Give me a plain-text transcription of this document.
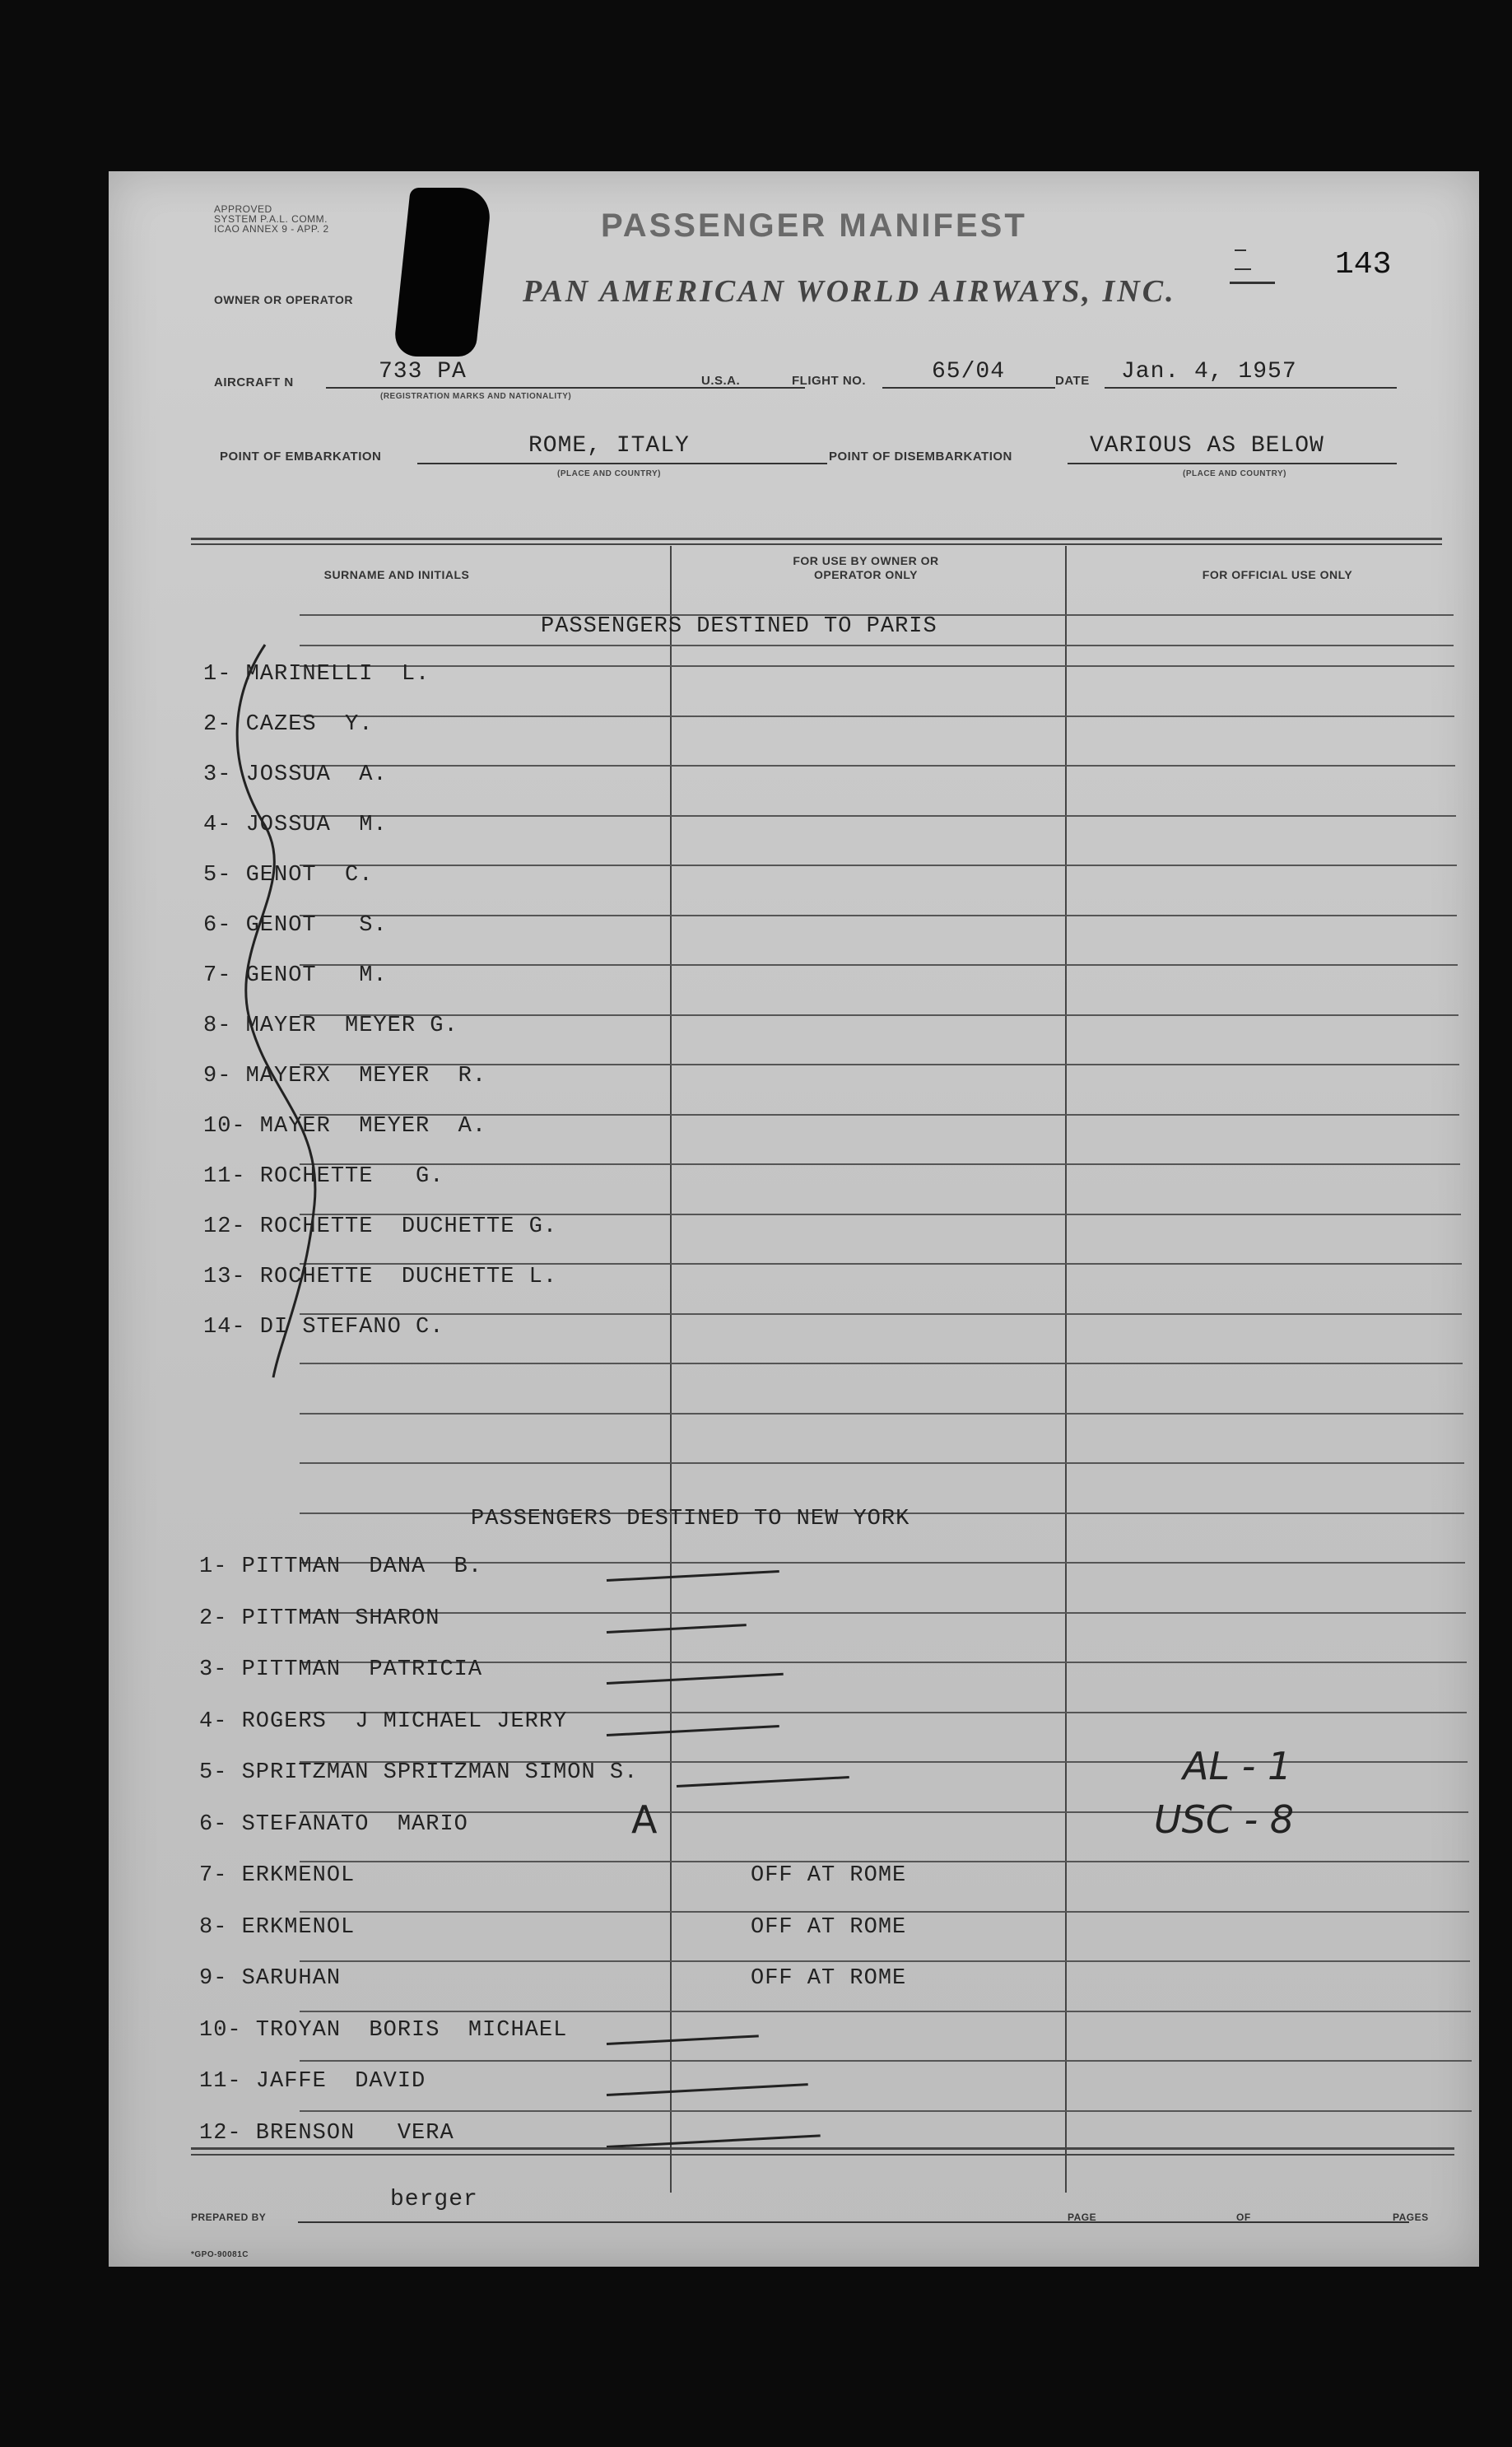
APPROVED
SYSTEM P.A.L. COMM.
ICAO ANNEX 9 - APP. 2
OWNER OR OPERATOR
PASSENGER MANIFEST
PAN AMERICAN WORLD AIRWAYS, INC.
143
AIRCRAFT N	733 PA
(REGISTRATION MARKS AND NATIONALITY)
U.S.A.	FLIGHT NO.	65/04	DATE Jan. 4, 1957
POINT OF EMBARKATION	ROME, ITALY
(PLACE AND COUNTRY)
POINT OF DISEMBARKATION	VARIOUS AS BELOW
(PLACE AND COUNTRY)
SURNAME AND INITIALS
FOR USE BY OWNER OR OPERATOR ONLY	FOR OFFICIAL USE ONLY
PASSENGERS DESTINED TO PARIS
1- MARINELLI  L.
2- CAZES  Y.
3- JOSSUA  A.
4- JOSSUA  M.
5- GENOT  C.
6- GENOT   S.
7- GENOT   M.
8- MAYER  MEYER G.
9- MAYERX  MEYER  R.
10- MAYER  MEYER  A.
11- ROCHETTE   G.
12- ROCHETTE  DUCHETTE G.
13- ROCHETTE  DUCHETTE L.
14- DI STEFANO C.
PASSENGERS DESTINED TO NEW YORK
1- PITTMAN  DANA  B.
2- PITTMAN SHARON
3- PITTMAN  PATRICIA
4- ROGERS  J MICHAEL JERRY
5- SPRITZMAN SPRITZMAN SIMON S.
6- STEFANATO  MARIO
7- ERKMENOL	OFF AT ROME
8- ERKMENOL	OFF AT ROME
9- SARUHAN	OFF AT ROME
10- TROYAN  BORIS  MICHAEL
11- JAFFE  DAVID
12- BRENSON   VERA
A
AL - 1
USC - 8
PREPARED BY
berger
PAGE	OF	PAGES
*GPO-90081C
